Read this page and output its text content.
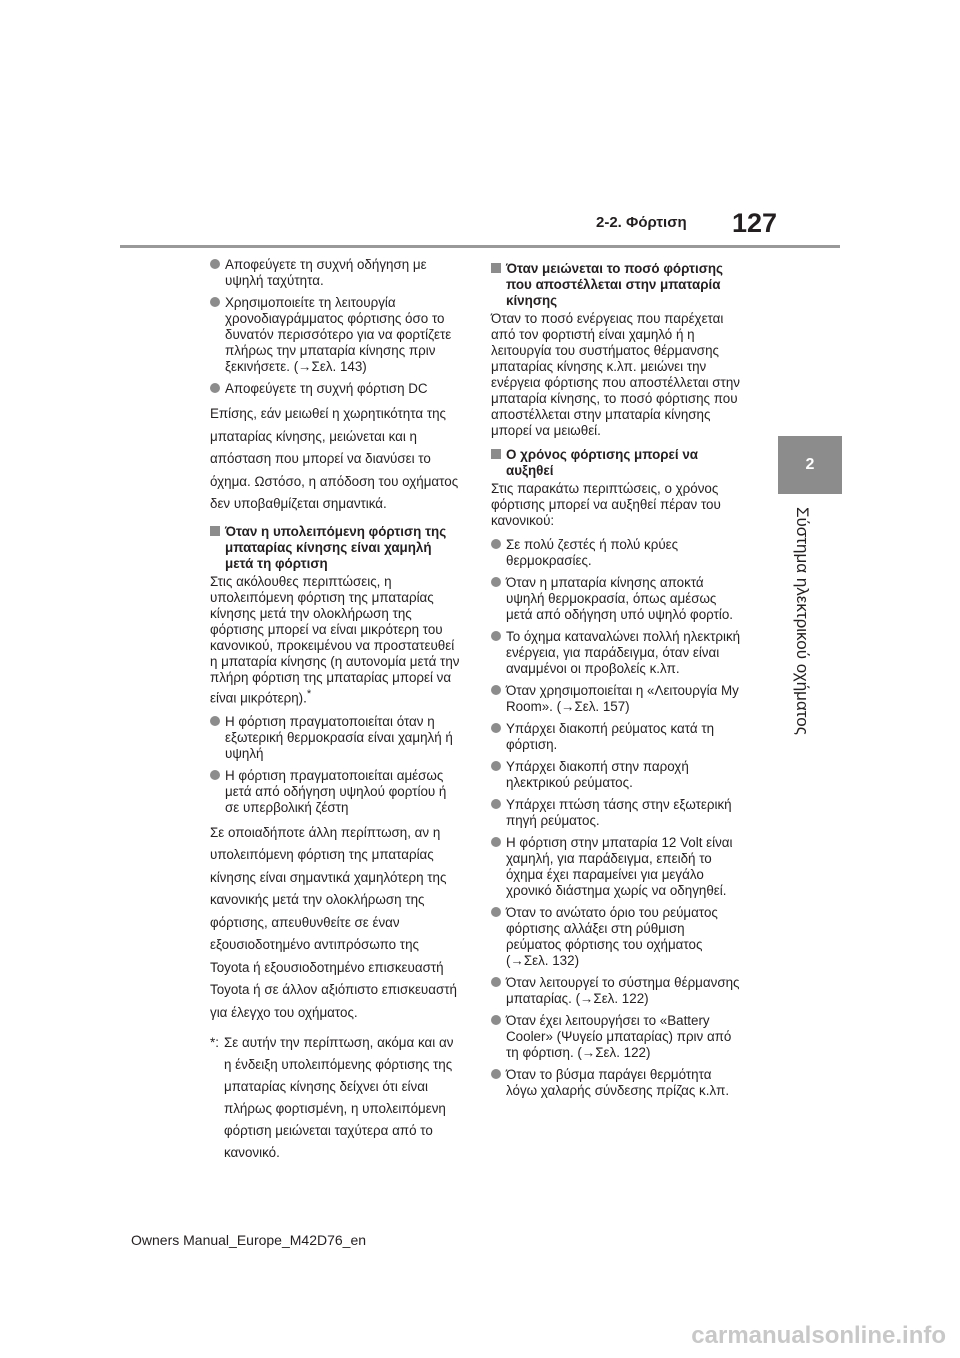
2-2. Φόρτιση 127
2
Σύστημα ηλεκτρικού οχήματος
Αποφεύγετε τη συχνή οδήγηση με υψηλή ταχύτητα.
Χρησιμοποιείτε τη λειτουργία χρονοδιαγράμματος φόρτισης όσο το δυνατόν περισσότερο για να φορτίζετε πλήρως την μπαταρία κίνησης πριν ξεκινήσετε. (→Σελ. 143)
Αποφεύγετε τη συχνή φόρτιση DC
Επίσης, εάν μειωθεί η χωρητικότητα της μπαταρίας κίνησης, μειώνεται και η απόσταση που μπορεί να διανύσει το όχημα. Ωστόσο, η απόδοση του οχήματος δεν υποβαθμίζεται σημαντικά.
Όταν η υπολειπόμενη φόρτιση της μπαταρίας κίνησης είναι χαμηλή μετά τη φόρτιση
Στις ακόλουθες περιπτώσεις, η υπολειπόμενη φόρτιση της μπαταρίας κίνησης μετά την ολοκλήρωση της φόρτισης μπορεί να είναι μικρότερη του κανονικού, προκειμένου να προστατευθεί η μπαταρία κίνησης (η αυτονομία μετά την πλήρη φόρτιση της μπαταρίας μπορεί να είναι μικρότερη).*
Η φόρτιση πραγματοποιείται όταν η εξωτερική θερμοκρασία είναι χαμηλή ή υψηλή
Η φόρτιση πραγματοποιείται αμέσως μετά από οδήγηση υψηλού φορτίου ή σε υπερβολική ζέστη
Σε οποιαδήποτε άλλη περίπτωση, αν η υπολειπόμενη φόρτιση της μπαταρίας κίνησης είναι σημαντικά χαμηλότερη της κανονικής μετά την ολοκλήρωση της φόρτισης, απευθυνθείτε σε έναν εξουσιοδοτημένο αντιπρόσωπο της Toyota ή εξουσιοδοτημένο επισκευαστή Toyota ή σε άλλον αξιόπιστο επισκευαστή για έλεγχο του οχήματος.
*: Σε αυτήν την περίπτωση, ακόμα και αν η ένδειξη υπολειπόμενης φόρτισης της μπαταρίας κίνησης δείχνει ότι είναι πλήρως φορτισμένη, η υπολειπόμενη φόρτιση μειώνεται ταχύτερα από το κανονικό.
Όταν μειώνεται το ποσό φόρτισης που αποστέλλεται στην μπαταρία κίνησης
Όταν το ποσό ενέργειας που παρέχεται από τον φορτιστή είναι χαμηλό ή η λειτουργία του συστήματος θέρμανσης μπαταρίας κίνησης κ.λπ. μειώνει την ενέργεια φόρτισης που αποστέλλεται στην μπαταρία κίνησης, το ποσό φόρτισης που αποστέλλεται στην μπαταρία κίνησης μπορεί να μειωθεί.
Ο χρόνος φόρτισης μπορεί να αυξηθεί
Στις παρακάτω περιπτώσεις, ο χρόνος φόρτισης μπορεί να αυξηθεί πέραν του κανονικού:
Σε πολύ ζεστές ή πολύ κρύες θερμοκρασίες.
Όταν η μπαταρία κίνησης αποκτά υψηλή θερμοκρασία, όπως αμέσως μετά από οδήγηση υπό υψηλό φορτίο.
Το όχημα καταναλώνει πολλή ηλεκτρική ενέργεια, για παράδειγμα, όταν είναι αναμμένοι οι προβολείς κ.λπ.
Όταν χρησιμοποιείται η «Λειτουργία My Room». (→Σελ. 157)
Υπάρχει διακοπή ρεύματος κατά τη φόρτιση.
Υπάρχει διακοπή στην παροχή ηλεκτρικού ρεύματος.
Υπάρχει πτώση τάσης στην εξωτερική πηγή ρεύματος.
Η φόρτιση στην μπαταρία 12 Volt είναι χαμηλή, για παράδειγμα, επειδή το όχημα έχει παραμείνει για μεγάλο χρονικό διάστημα χωρίς να οδηγηθεί.
Όταν το ανώτατο όριο του ρεύματος φόρτισης αλλάξει στη ρύθμιση ρεύματος φόρτισης του οχήματος (→Σελ. 132)
Όταν λειτουργεί το σύστημα θέρμανσης μπαταρίας. (→Σελ. 122)
Όταν έχει λειτουργήσει το «Battery Cooler» (Ψυγείο μπαταρίας) πριν από τη φόρτιση. (→Σελ. 122)
Όταν το βύσμα παράγει θερμότητα λόγω χαλαρής σύνδεσης πρίζας κ.λπ.
Owners Manual_Europe_M42D76_en
carmanualsonline.info
